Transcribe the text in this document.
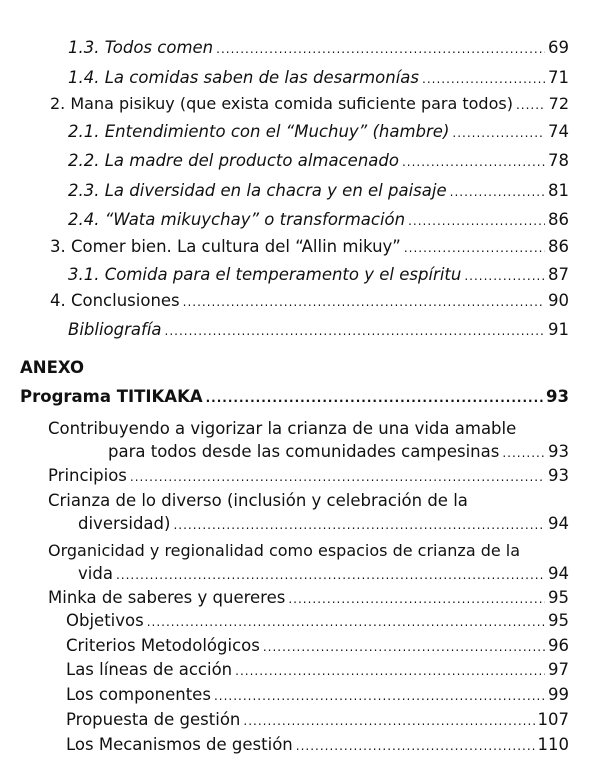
1.3. Todos comen .....	69
1.4. La comidas saben de las desarmonías .....	71
2. Mana pisikuy (que exista comida suficiente para todos) ..... 72
2.1. Entendimiento con el “Muchuy” (hambre) .....	74
2.2. La madre del producto almacenado .....	78
2.3. La diversidad en la chacra y en el paisaje .....	81
2.4. “Wata mikuychay” o transformación .....	86
3. Comer bien. La cultura del “Allin mikuy” .....	86
3.1. Comida para el temperamento y el espíritu .....	87
4. Conclusiones .....	90
Bibliografía .....	91
ANEXO
Programa TITIKAKA .....	93
Contribuyendo a vigorizar la crianza de una vida amable
para todos desde las comunidades campesinas .....	93
Principios .....	93
Crianza de lo diverso (inclusión y celebración de la
diversidad) .....	94
Organicidad y regionalidad como espacios de crianza de la
vida .....	94
Minka de saberes y quereres .....	95
Objetivos .....	95
Criterios Metodológicos .....	96
Las líneas de acción .....	97
Los componentes .....	99
Propuesta de gestión .....	107
Los Mecanismos de gestión .....	110
